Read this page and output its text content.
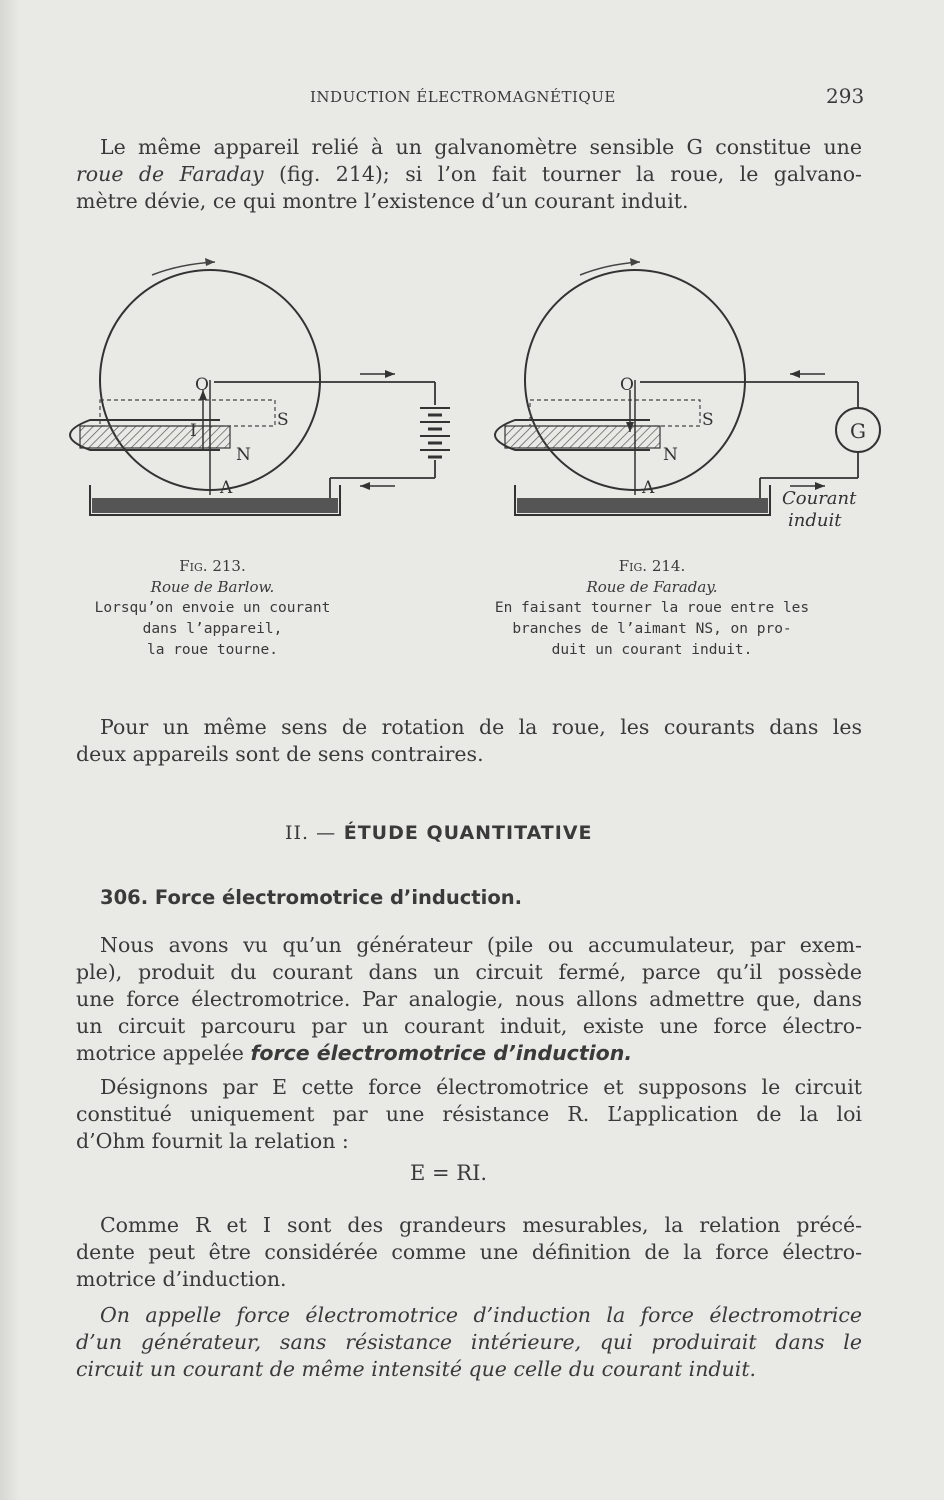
INDUCTION ÉLECTROMAGNÉTIQUE	293
Le même appareil relié à un galvanomètre sensible G constitue une
roue de Faraday (fig. 214); si l’on fait tourner la roue, le galvano-
mètre dévie, ce qui montre l’existence d’un courant induit.
O
I
S
N
A
Fig. 213.
Roue de Barlow.
Lorsqu’on envoie un courant
dans l’appareil,
la roue tourne.
G
O
S
N
A	Courant
induit
Fig. 214.
Roue de Faraday.
En faisant tourner la roue entre les
branches de l’aimant NS, on pro-
duit un courant induit.
Pour un même sens de rotation de la roue, les courants dans les
deux appareils sont de sens contraires.
II. — ÉTUDE QUANTITATIVE
306. Force électromotrice d’induction.
Nous avons vu qu’un générateur (pile ou accumulateur, par exem-
ple), produit du courant dans un circuit fermé, parce qu’il possède
une force électromotrice. Par analogie, nous allons admettre que, dans
un circuit parcouru par un courant induit, existe une force électro-
motrice appelée force électromotrice d’induction.
Désignons par E cette force électromotrice et supposons le circuit
constitué uniquement par une résistance R. L’application de la loi
d’Ohm fournit la relation :
E = RI.
Comme R et I sont des grandeurs mesurables, la relation précé-
dente peut être considérée comme une définition de la force électro-
motrice d’induction.
On appelle force électromotrice d’induction la force électromotrice
d’un générateur, sans résistance intérieure, qui produirait dans le
circuit un courant de même intensité que celle du courant induit.
